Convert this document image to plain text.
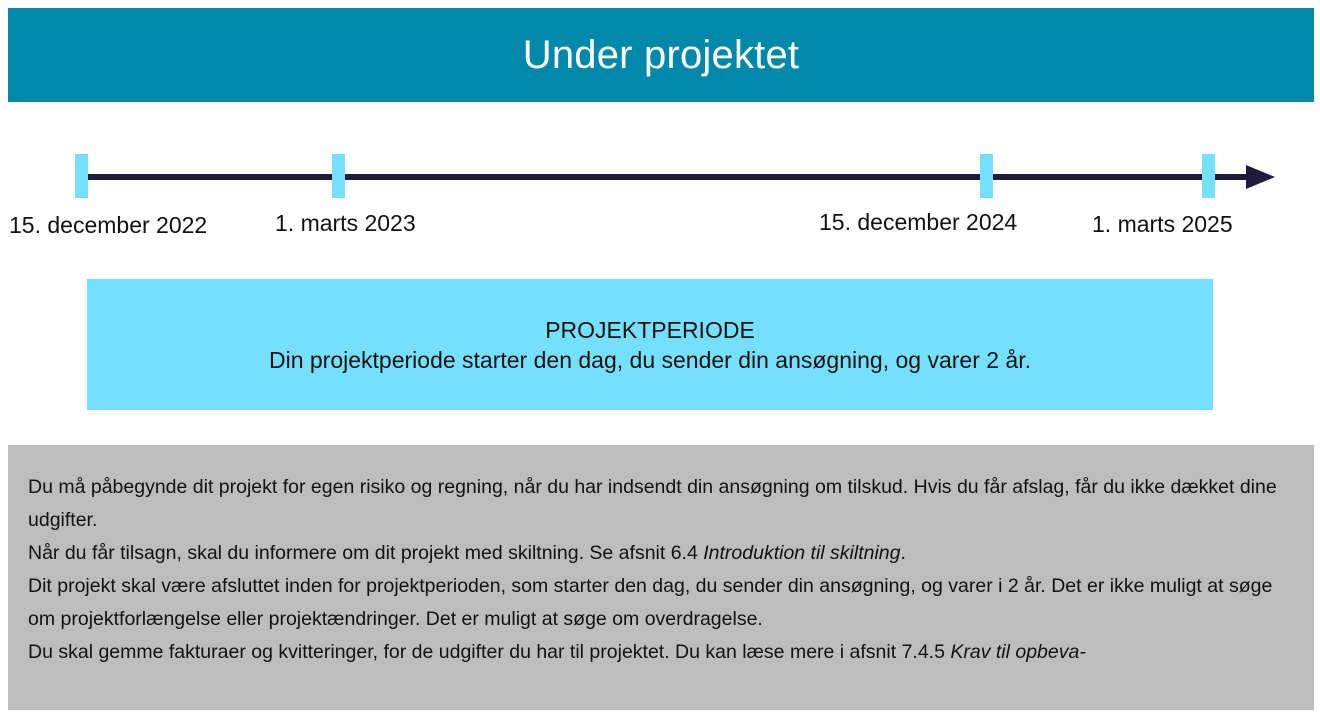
Under projektet
15. december 2022	1. marts 2023	15. december 2024	1. marts 2025
PROJEKTPERIODE
Din projektperiode starter den dag, du sender din ansøgning, og varer 2 år.

Du må påbegynde dit projekt for egen risiko og regning, når du har indsendt din ansøgning om tilskud. Hvis du får afslag, får du ikke dækket dine udgifter.

Når du får tilsagn, skal du informere om dit projekt med skiltning. Se afsnit 6.4 Introduktion til skiltning.

Dit projekt skal være afsluttet inden for projektperioden, som starter den dag, du sender din ansøgning, og varer i 2 år. Det er ikke muligt at søge om projektforlængelse eller projektændringer. Det er muligt at søge om overdragelse.

Du skal gemme fakturaer og kvitteringer, for de udgifter du har til projektet. Du kan læse mere i afsnit 7.4.5 Krav til opbeva-
